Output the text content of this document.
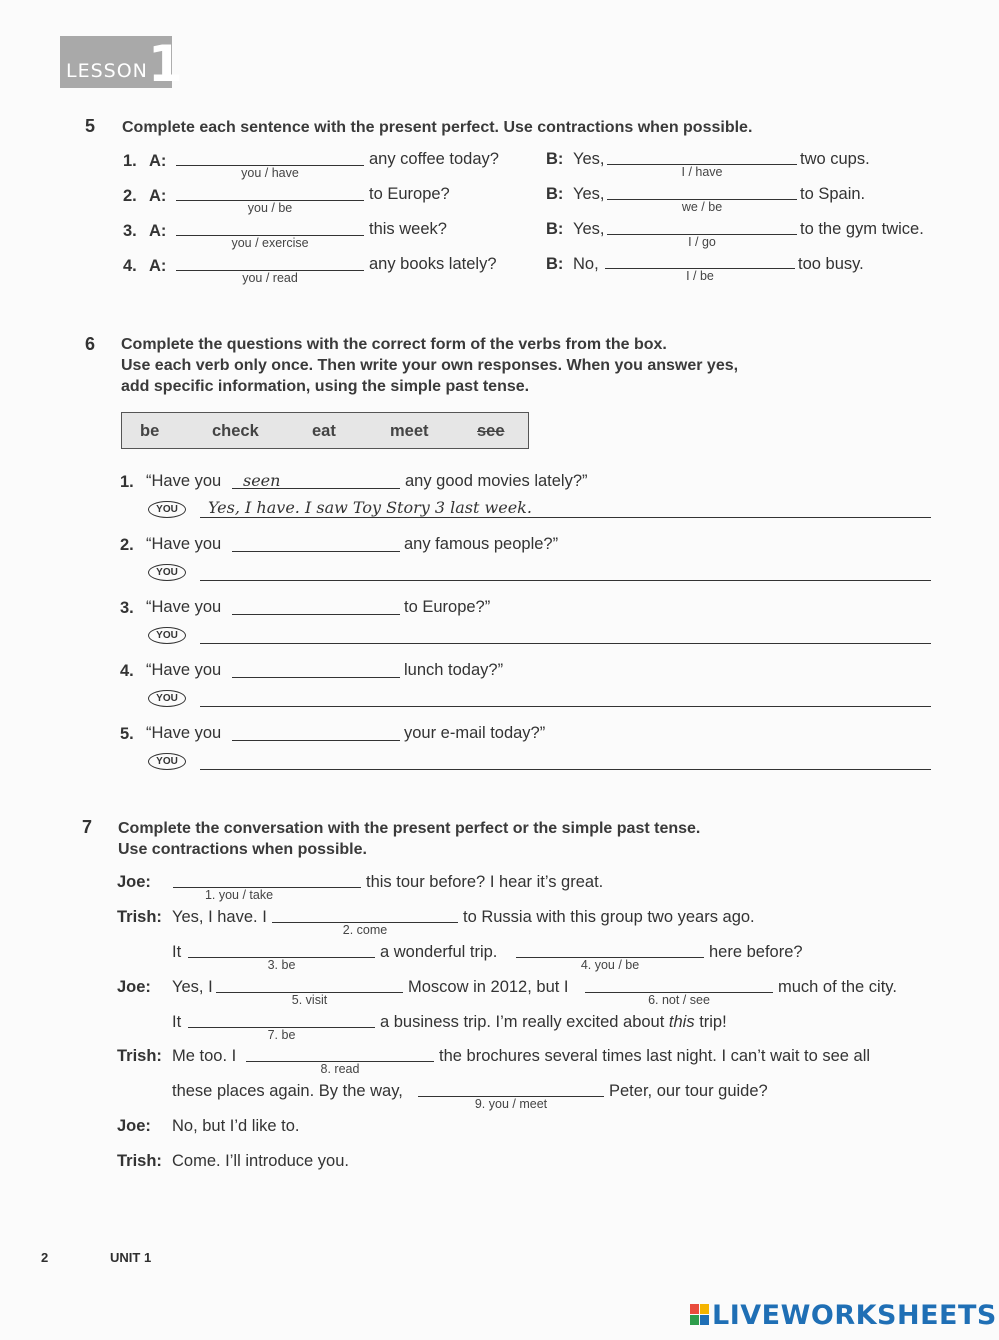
LESSON 1
5 Complete each sentence with the present perfect. Use contractions when possible.
1. A:
you / have
any coffee today?	B: Yes,
I / have
two cups.
2. A:
you / be
to Europe?	B: Yes,
we / be
to Spain.
3. A:
you / exercise
this week?	B: Yes,
I / go
to the gym twice.
4. A:
you / read
any books lately?	B: No,
I / be
too busy.
6 Complete the questions with the correct form of the verbs from the box.
Use each verb only once. Then write your own responses. When you answer yes,
add specific information, using the simple past tense.
be	check	eat	meet	see
1. “Have you seen	any good movies lately?”
YOU	Yes, I have. I saw Toy Story 3 last week.
2. “Have you	any famous people?”
YOU
3. “Have you	to Europe?”
YOU
4. “Have you	lunch today?”
YOU
5. “Have you	your e-mail today?”
YOU
7 Complete the conversation with the present perfect or the simple past tense.
Use contractions when possible.
Joe:
1. you / take
this tour before? I hear it’s great.
Trish: Yes, I have. I
2. come
to Russia with this group two years ago.
It
3. be
a wonderful trip.
4. you / be
here before?
Joe: Yes, I
5. visit
Moscow in 2012, but I
6. not / see
much of the city.
It
7. be
a business trip. I’m really excited about this trip!
Trish: Me too. I
8. read
the brochures several times last night. I can’t wait to see all
these places again. By the way,
9. you / meet
Peter, our tour guide?
Joe: No, but I’d like to.
Trish: Come. I’ll introduce you.
2	UNIT 1
LIVEWORKSHEETS
